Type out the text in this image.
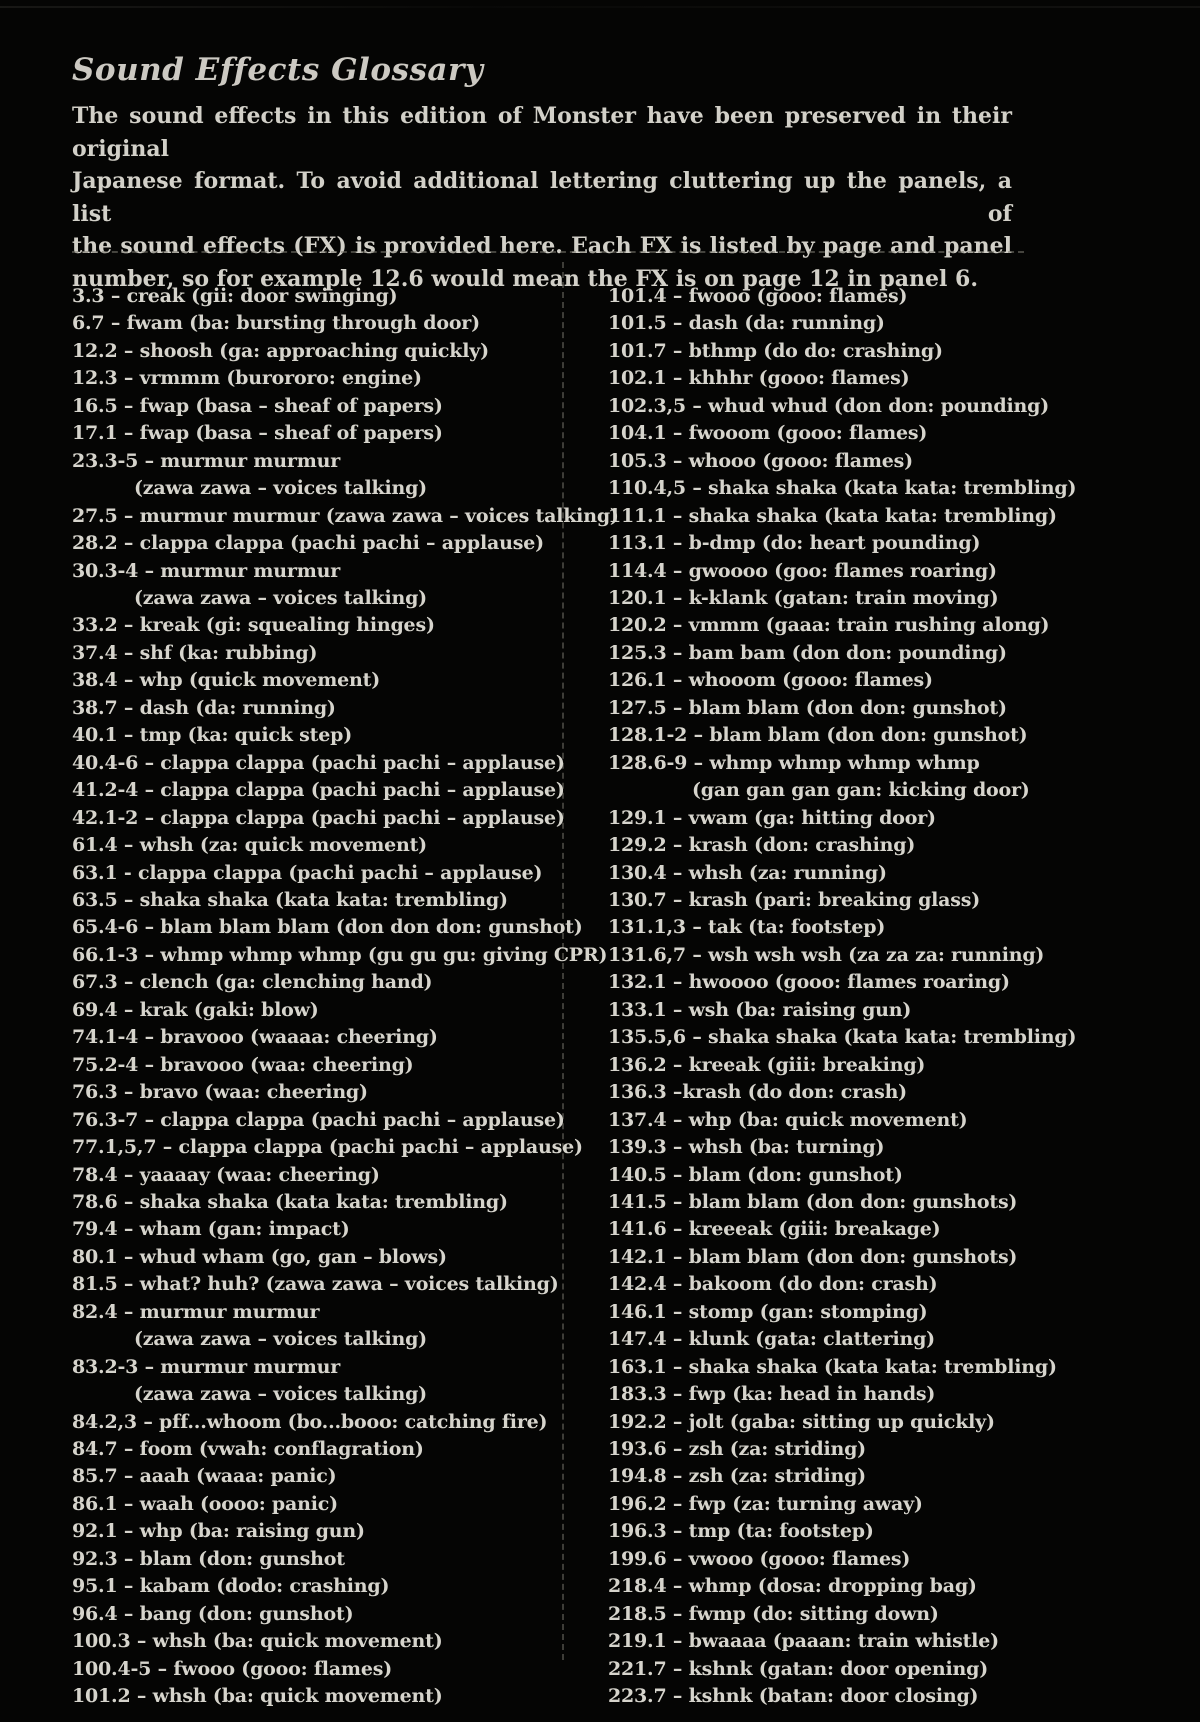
Sound Effects Glossary
The sound effects in this edition of Monster have been preserved in their original
Japanese format. To avoid additional lettering cluttering up the panels, a list of
the sound effects (FX) is provided here. Each FX is listed by page and panel
number, so for example 12.6 would mean the FX is on page 12 in panel 6.
3.3 – creak (gii: door swinging)
6.7 – fwam (ba: bursting through door)
12.2 – shoosh (ga: approaching quickly)
12.3 – vrmmm (burororo: engine)
16.5 – fwap (basa – sheaf of papers)
17.1 – fwap (basa – sheaf of papers)
23.3-5 – murmur murmur
(zawa zawa – voices talking)
27.5 – murmur murmur (zawa zawa – voices talking)
28.2 – clappa clappa (pachi pachi – applause)
30.3-4 – murmur murmur
(zawa zawa – voices talking)
33.2 – kreak (gi: squealing hinges)
37.4 – shf (ka: rubbing)
38.4 – whp (quick movement)
38.7 – dash (da: running)
40.1 – tmp (ka: quick step)
40.4-6 – clappa clappa (pachi pachi – applause)
41.2-4 – clappa clappa (pachi pachi – applause)
42.1-2 – clappa clappa (pachi pachi – applause)
61.4 – whsh (za: quick movement)
63.1 - clappa clappa (pachi pachi – applause)
63.5 – shaka shaka (kata kata: trembling)
65.4-6 – blam blam blam (don don don: gunshot)
66.1-3 – whmp whmp whmp (gu gu gu: giving CPR)
67.3 – clench (ga: clenching hand)
69.4 – krak (gaki: blow)
74.1-4 – bravooo (waaaa: cheering)
75.2-4 – bravooo (waa: cheering)
76.3 – bravo (waa: cheering)
76.3-7 – clappa clappa (pachi pachi – applause)
77.1,5,7 – clappa clappa (pachi pachi – applause)
78.4 – yaaaay (waa: cheering)
78.6 – shaka shaka (kata kata: trembling)
79.4 – wham (gan: impact)
80.1 – whud wham (go, gan – blows)
81.5 – what? huh? (zawa zawa – voices talking)
82.4 – murmur murmur
(zawa zawa – voices talking)
83.2-3 – murmur murmur
(zawa zawa – voices talking)
84.2,3 – pff...whoom (bo...booo: catching fire)
84.7 – foom (vwah: conflagration)
85.7 – aaah (waaa: panic)
86.1 – waah (oooo: panic)
92.1 – whp (ba: raising gun)
92.3 – blam (don: gunshot
95.1 – kabam (dodo: crashing)
96.4 – bang (don: gunshot)
100.3 – whsh (ba: quick movement)
100.4-5 – fwooo (gooo: flames)
101.2 – whsh (ba: quick movement)
101.4 – fwooo (gooo: flames)
101.5 – dash (da: running)
101.7 – bthmp (do do: crashing)
102.1 – khhhr (gooo: flames)
102.3,5 – whud whud (don don: pounding)
104.1 – fwooom (gooo: flames)
105.3 – whooo (gooo: flames)
110.4,5 – shaka shaka (kata kata: trembling)
111.1 – shaka shaka (kata kata: trembling)
113.1 – b-dmp (do: heart pounding)
114.4 – gwoooo (goo: flames roaring)
120.1 – k-klank (gatan: train moving)
120.2 – vmmm (gaaa: train rushing along)
125.3 – bam bam (don don: pounding)
126.1 – whooom (gooo: flames)
127.5 – blam blam (don don: gunshot)
128.1-2 – blam blam (don don: gunshot)
128.6-9 – whmp whmp whmp whmp
(gan gan gan gan: kicking door)
129.1 – vwam (ga: hitting door)
129.2 – krash (don: crashing)
130.4 – whsh (za: running)
130.7 – krash (pari: breaking glass)
131.1,3 – tak (ta: footstep)
131.6,7 – wsh wsh wsh (za za za: running)
132.1 – hwoooo (gooo: flames roaring)
133.1 – wsh (ba: raising gun)
135.5,6 – shaka shaka (kata kata: trembling)
136.2 – kreeak (giii: breaking)
136.3 –krash (do don: crash)
137.4 – whp (ba: quick movement)
139.3 – whsh (ba: turning)
140.5 – blam (don: gunshot)
141.5 – blam blam (don don: gunshots)
141.6 – kreeeak (giii: breakage)
142.1 – blam blam (don don: gunshots)
142.4 – bakoom (do don: crash)
146.1 – stomp (gan: stomping)
147.4 – klunk (gata: clattering)
163.1 – shaka shaka (kata kata: trembling)
183.3 – fwp (ka: head in hands)
192.2 – jolt (gaba: sitting up quickly)
193.6 – zsh (za: striding)
194.8 – zsh (za: striding)
196.2 – fwp (za: turning away)
196.3 – tmp (ta: footstep)
199.6 – vwooo (gooo: flames)
218.4 – whmp (dosa: dropping bag)
218.5 – fwmp (do: sitting down)
219.1 – bwaaaa (paaan: train whistle)
221.7 – kshnk (gatan: door opening)
223.7 – kshnk (batan: door closing)
